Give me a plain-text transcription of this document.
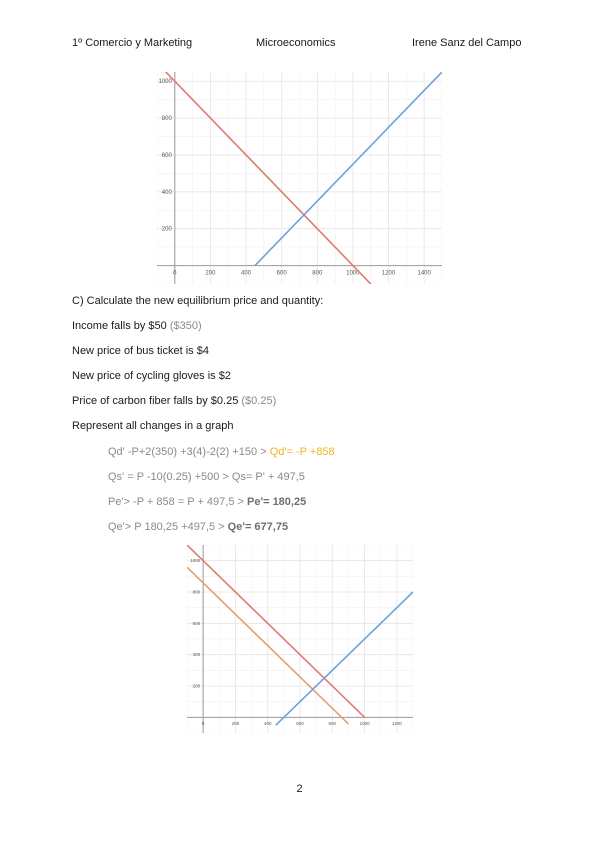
1º Comercio y Marketing	Microeconomics	Irene Sanz del Campo
0	200	400	600	800	1000	1200	1400
200
400
600
800
1000
C) Calculate the new equilibrium price and quantity:
Income falls by $50 ($350)
New price of bus ticket is $4
New price of cycling gloves is $2
Price of carbon fiber falls by $0.25 ($0.25)
Represent all changes in a graph
Qd' -P+2(350) +3(4)-2(2) +150 > Qd'= -P +858
Qs' = P -10(0.25) +500 > Qs= P' + 497,5
Pe'> -P + 858 = P + 497,5 > Pe'= 180,25
Qe'> P 180,25 +497,5 > Qe'= 677,75
0	200	400	600	800	1000	1200
200
400
600
800
1000
2
